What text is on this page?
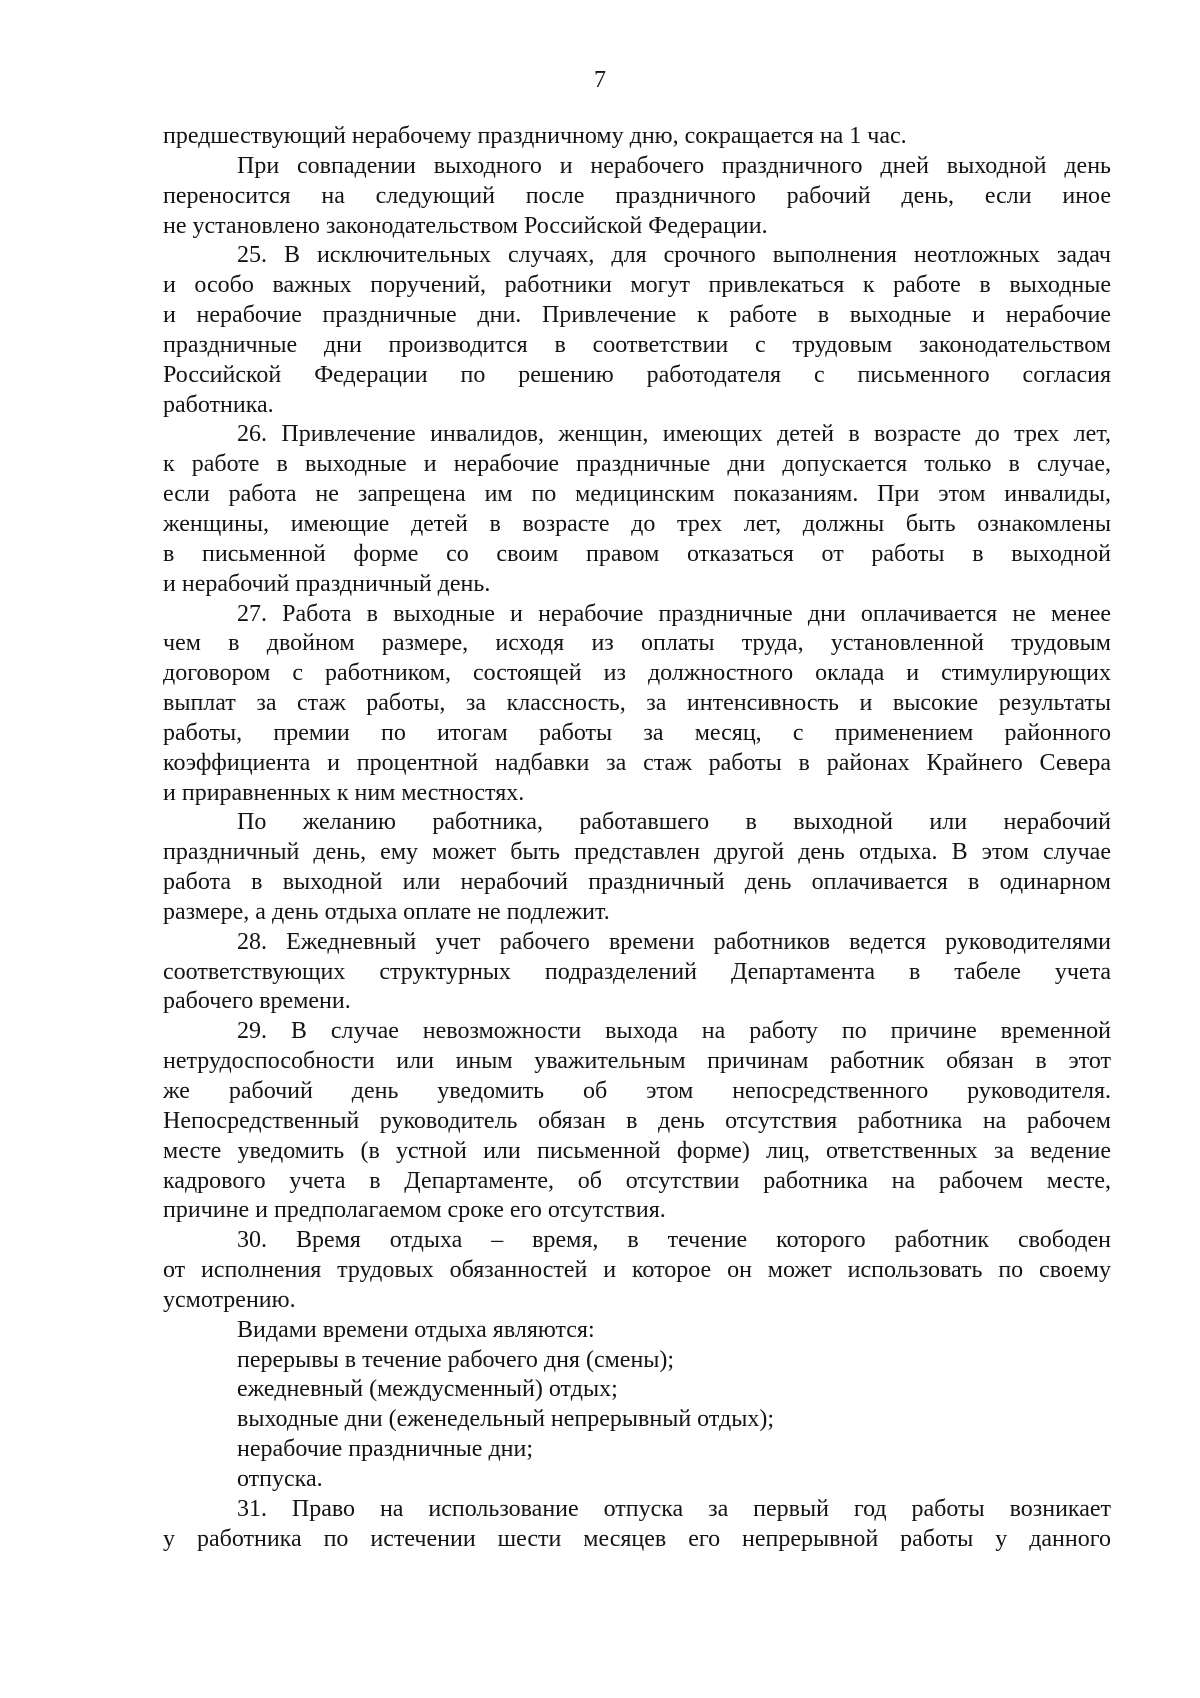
7
предшествующий нерабочему праздничному дню, сокращается на 1 час.
При совпадении выходного и нерабочего праздничного дней выходной день
переносится на следующий после праздничного рабочий день, если иное
не установлено законодательством Российской Федерации.
25. В исключительных случаях, для срочного выполнения неотложных задач
и особо важных поручений, работники могут привлекаться к работе в выходные
и нерабочие праздничные дни. Привлечение к работе в выходные и нерабочие
праздничные дни производится в соответствии с трудовым законодательством
Российской Федерации по решению работодателя с письменного согласия
работника.
26. Привлечение инвалидов, женщин, имеющих детей в возрасте до трех лет,
к работе в выходные и нерабочие праздничные дни допускается только в случае,
если работа не запрещена им по медицинским показаниям. При этом инвалиды,
женщины, имеющие детей в возрасте до трех лет, должны быть ознакомлены
в письменной форме со своим правом отказаться от работы в выходной
и нерабочий праздничный день.
27. Работа в выходные и нерабочие праздничные дни оплачивается не менее
чем в двойном размере, исходя из оплаты труда, установленной трудовым
договором с работником, состоящей из должностного оклада и стимулирующих
выплат за стаж работы, за классность, за интенсивность и высокие результаты
работы, премии по итогам работы за месяц, с применением районного
коэффициента и процентной надбавки за стаж работы в районах Крайнего Севера
и приравненных к ним местностях.
По желанию работника, работавшего в выходной или нерабочий
праздничный день, ему может быть представлен другой день отдыха. В этом случае
работа в выходной или нерабочий праздничный день оплачивается в одинарном
размере, а день отдыха оплате не подлежит.
28. Ежедневный учет рабочего времени работников ведется руководителями
соответствующих структурных подразделений Департамента в табеле учета
рабочего времени.
29. В случае невозможности выхода на работу по причине временной
нетрудоспособности или иным уважительным причинам работник обязан в этот
же рабочий день уведомить об этом непосредственного руководителя.
Непосредственный руководитель обязан в день отсутствия работника на рабочем
месте уведомить (в устной или письменной форме) лиц, ответственных за ведение
кадрового учета в Департаменте, об отсутствии работника на рабочем месте,
причине и предполагаемом сроке его отсутствия.
30. Время отдыха – время, в течение которого работник свободен
от исполнения трудовых обязанностей и которое он может использовать по своему
усмотрению.
Видами времени отдыха являются:
перерывы в течение рабочего дня (смены);
ежедневный (междусменный) отдых;
выходные дни (еженедельный непрерывный отдых);
нерабочие праздничные дни;
отпуска.
31. Право на использование отпуска за первый год работы возникает
у работника по истечении шести месяцев его непрерывной работы у данного
